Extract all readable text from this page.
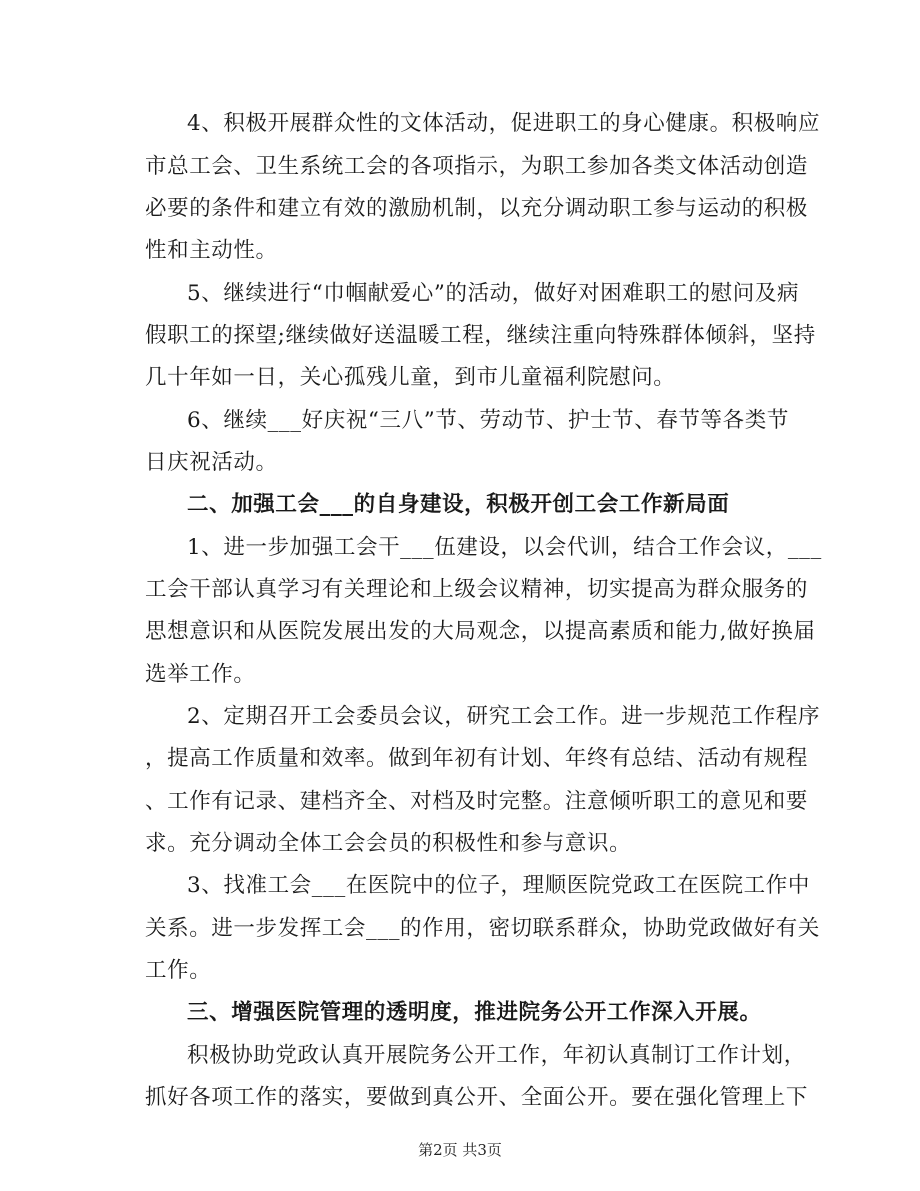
4、积极开展群众性的文体活动，促进职工的身心健康。积极响应
市总工会、卫生系统工会的各项指示，为职工参加各类文体活动创造
必要的条件和建立有效的激励机制，以充分调动职工参与运动的积极
性和主动性。
5、继续进行“巾帼献爱心”的活动，做好对困难职工的慰问及病
假职工的探望;继续做好送温暖工程，继续注重向特殊群体倾斜，坚持
几十年如一日，关心孤残儿童，到市儿童福利院慰问。
6、继续___好庆祝“三八”节、劳动节、护士节、春节等各类节
日庆祝活动。
二、加强工会___的自身建设，积极开创工会工作新局面
1、进一步加强工会干___伍建设，以会代训，结合工作会议，___
工会干部认真学习有关理论和上级会议精神，切实提高为群众服务的
思想意识和从医院发展出发的大局观念，以提高素质和能力,做好换届
选举工作。
2、定期召开工会委员会议，研究工会工作。进一步规范工作程序
，提高工作质量和效率。做到年初有计划、年终有总结、活动有规程
、工作有记录、建档齐全、对档及时完整。注意倾听职工的意见和要
求。充分调动全体工会会员的积极性和参与意识。
3、找准工会___在医院中的位子，理顺医院党政工在医院工作中
关系。进一步发挥工会___的作用，密切联系群众，协助党政做好有关
工作。
三、增强医院管理的透明度，推进院务公开工作深入开展。
积极协助党政认真开展院务公开工作，年初认真制订工作计划，
抓好各项工作的落实，要做到真公开、全面公开。要在强化管理上下
第2页 共3页
